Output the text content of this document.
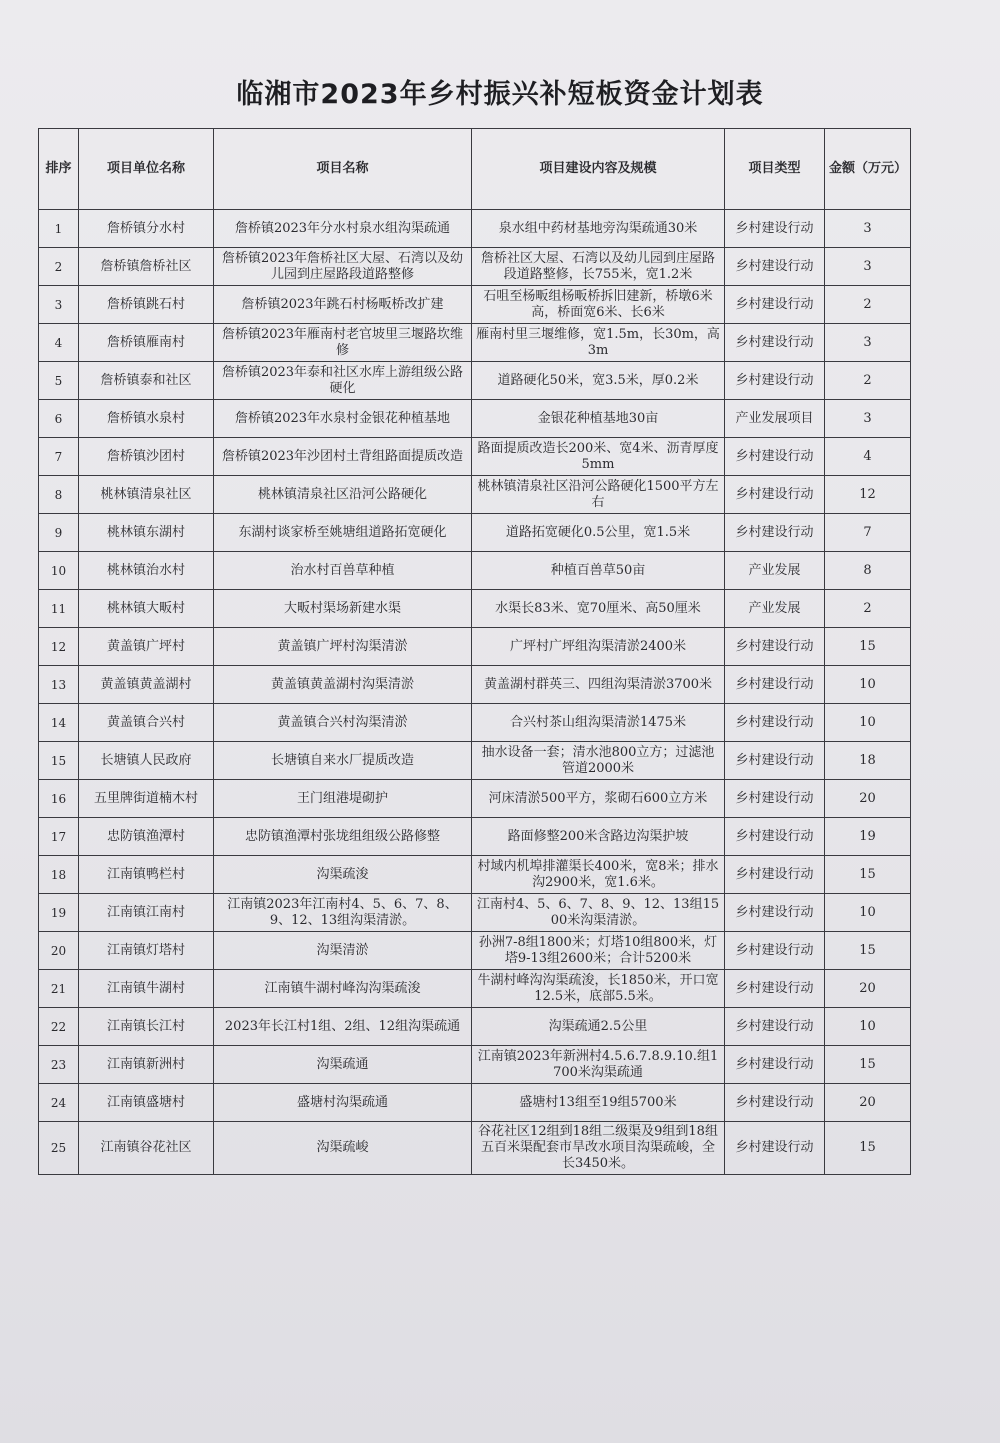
临湘市2023年乡村振兴补短板资金计划表
排序	项目单位名称	项目名称	项目建设内容及规模	项目类型	金额（万元）
1	詹桥镇分水村	詹桥镇2023年分水村泉水组沟渠疏通	泉水组中药材基地旁沟渠疏通30米	乡村建设行动	3
2	詹桥镇詹桥社区	詹桥镇2023年詹桥社区大屋、石湾以及幼儿园到庄屋路段道路整修	詹桥社区大屋、石湾以及幼儿园到庄屋路段道路整修，长755米，宽1.2米	乡村建设行动	3
3	詹桥镇跳石村	詹桥镇2023年跳石村杨畈桥改扩建	石咀至杨畈组杨畈桥拆旧建新，桥墩6米高，桥面宽6米、长6米	乡村建设行动	2
4	詹桥镇雁南村	詹桥镇2023年雁南村老官坡里三堰路坎维修	雁南村里三堰维修，宽1.5m，长30m，高3m	乡村建设行动	3
5	詹桥镇泰和社区	詹桥镇2023年泰和社区水库上游组级公路硬化	道路硬化50米，宽3.5米，厚0.2米	乡村建设行动	2
6	詹桥镇水泉村	詹桥镇2023年水泉村金银花种植基地	金银花种植基地30亩	产业发展项目	3
7	詹桥镇沙团村	詹桥镇2023年沙团村土背组路面提质改造	路面提质改造长200米、宽4米、沥青厚度5mm	乡村建设行动	4
8	桃林镇清泉社区	桃林镇清泉社区沿河公路硬化	桃林镇清泉社区沿河公路硬化1500平方左右	乡村建设行动	12
9	桃林镇东湖村	东湖村谈家桥至姚塘组道路拓宽硬化	道路拓宽硬化0.5公里，宽1.5米	乡村建设行动	7
10	桃林镇治水村	治水村百兽草种植	种植百兽草50亩	产业发展	8
11	桃林镇大畈村	大畈村渠场新建水渠	水渠长83米、宽70厘米、高50厘米	产业发展	2
12	黄盖镇广坪村	黄盖镇广坪村沟渠清淤	广坪村广坪组沟渠清淤2400米	乡村建设行动	15
13	黄盖镇黄盖湖村	黄盖镇黄盖湖村沟渠清淤	黄盖湖村群英三、四组沟渠清淤3700米	乡村建设行动	10
14	黄盖镇合兴村	黄盖镇合兴村沟渠清淤	合兴村茶山组沟渠清淤1475米	乡村建设行动	10
15	长塘镇人民政府	长塘镇自来水厂提质改造	抽水设备一套；清水池800立方；过滤池管道2000米	乡村建设行动	18
16	五里牌街道楠木村	王门组港堤砌护	河床清淤500平方，浆砌石600立方米	乡村建设行动	20
17	忠防镇渔潭村	忠防镇渔潭村张垅组组级公路修整	路面修整200米含路边沟渠护坡	乡村建设行动	19
18	江南镇鸭栏村	沟渠疏浚	村域内机埠排灌渠长400米，宽8米；排水沟2900米，宽1.6米。	乡村建设行动	15
19	江南镇江南村	江南镇2023年江南村4、5、6、7、8、9、12、13组沟渠清淤。	江南村4、5、6、7、8、9、12、13组1500米沟渠清淤。	乡村建设行动	10
20	江南镇灯塔村	沟渠清淤	孙洲7-8组1800米；灯塔10组800米，灯塔9-13组2600米；合计5200米	乡村建设行动	15
21	江南镇牛湖村	江南镇牛湖村峰沟沟渠疏浚	牛湖村峰沟沟渠疏浚，长1850米，开口宽12.5米，底部5.5米。	乡村建设行动	20
22	江南镇长江村	2023年长江村1组、2组、12组沟渠疏通	沟渠疏通2.5公里	乡村建设行动	10
23	江南镇新洲村	沟渠疏通	江南镇2023年新洲村4.5.6.7.8.9.10.组1700米沟渠疏通	乡村建设行动	15
24	江南镇盛塘村	盛塘村沟渠疏通	盛塘村13组至19组5700米	乡村建设行动	20
25	江南镇谷花社区	沟渠疏峻	谷花社区12组到18组二级渠及9组到18组五百米渠配套市旱改水项目沟渠疏峻，全长3450米。	乡村建设行动	15
